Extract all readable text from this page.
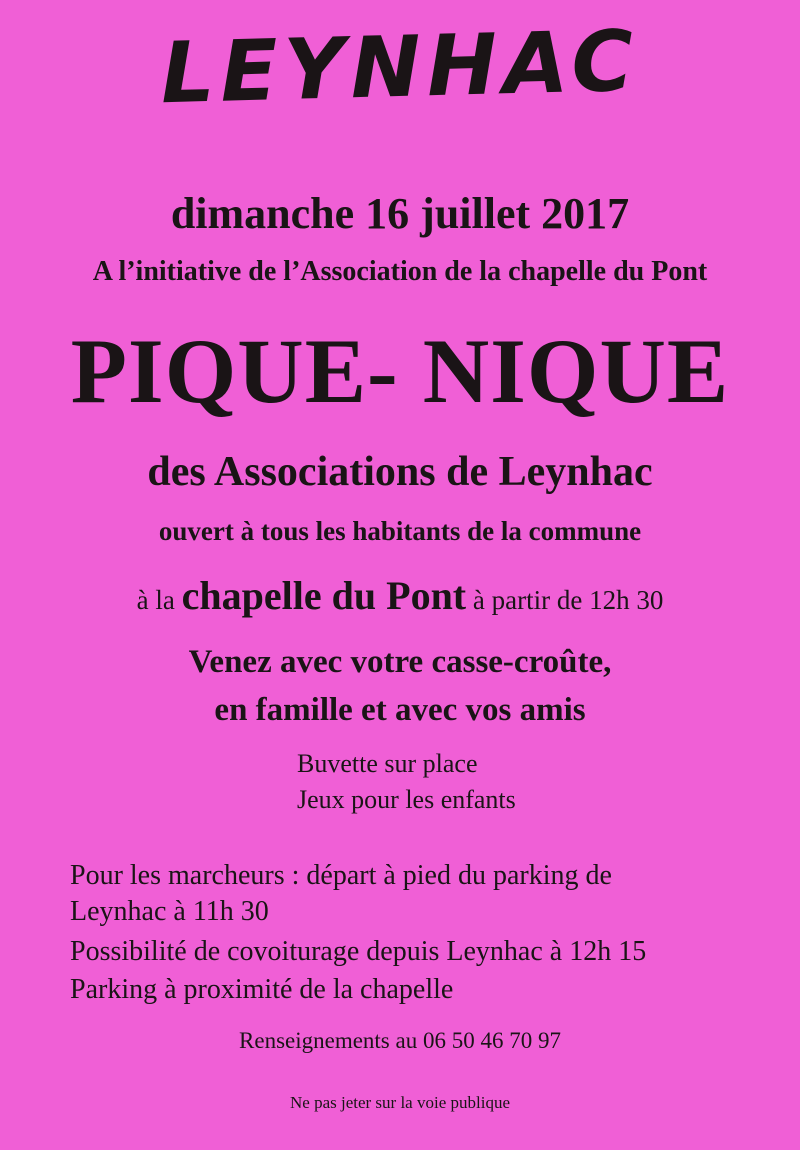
LEYNHAC
dimanche 16 juillet 2017
A l’initiative de l’Association de la chapelle du Pont
PIQUE- NIQUE
des Associations de Leynhac
ouvert à tous les habitants de la commune
à la chapelle du Pont à partir de 12h 30
Venez avec votre casse-croûte,
en famille et avec vos amis
Buvette sur place
Jeux pour les enfants
Pour les marcheurs : départ à pied du parking de
Leynhac à 11h 30
Possibilité de covoiturage depuis Leynhac à 12h 15
Parking à proximité de la chapelle
Renseignements au 06 50 46 70 97
Ne pas jeter sur la voie publique
